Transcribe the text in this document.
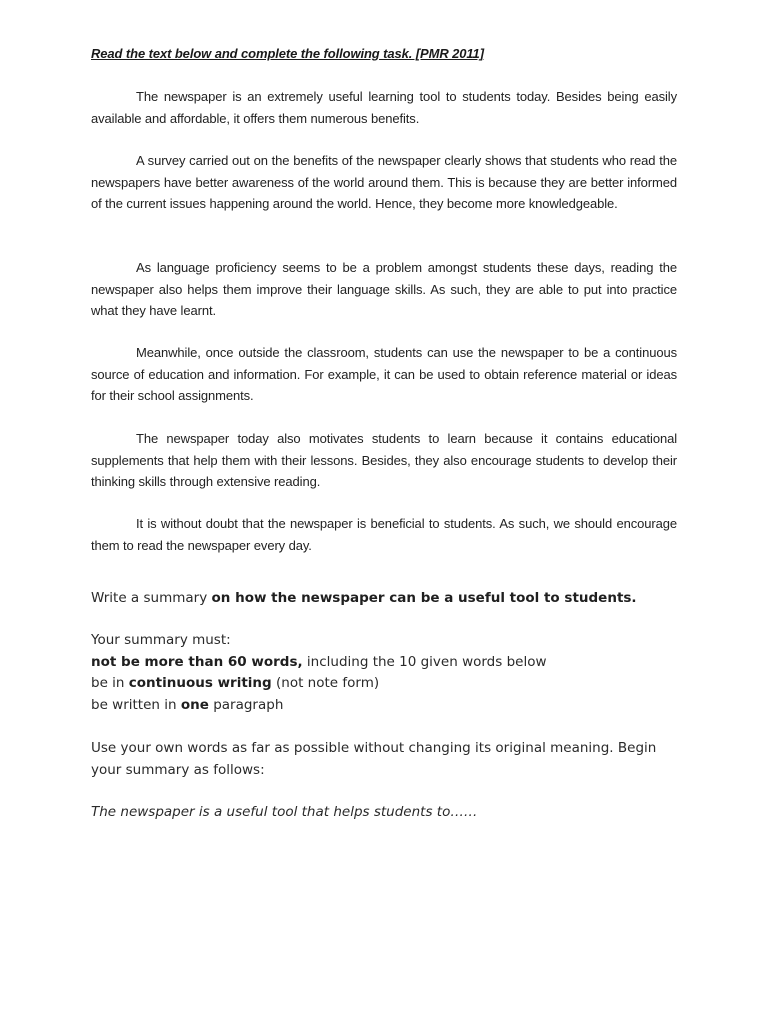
Read the text below and complete the following task. [PMR 2011]

The newspaper is an extremely useful learning tool to students today. Besides being easily available and affordable, it offers them numerous benefits.

A survey carried out on the benefits of the newspaper clearly shows that students who read the newspapers have better awareness of the world around them. This is because they are better informed of the current issues happening around the world. Hence, they become more knowledgeable.

As language proficiency seems to be a problem amongst students these days, reading the newspaper also helps them improve their language skills. As such, they are able to put into practice what they have learnt.

Meanwhile, once outside the classroom, students can use the newspaper to be a continuous source of education and information. For example, it can be used to obtain reference material or ideas for their school assignments.

The newspaper today also motivates students to learn because it contains educational supplements that help them with their lessons. Besides, they also encourage students to develop their thinking skills through extensive reading.

It is without doubt that the newspaper is beneficial to students. As such, we should encourage them to read the newspaper every day.

Write a summary on how the newspaper can be a useful tool to students.

Your summary must:
not be more than 60 words, including the 10 given words below
be in continuous writing (not note form)
be written in one paragraph

Use your own words as far as possible without changing its original meaning. Begin your summary as follows:

The newspaper is a useful tool that helps students to……
